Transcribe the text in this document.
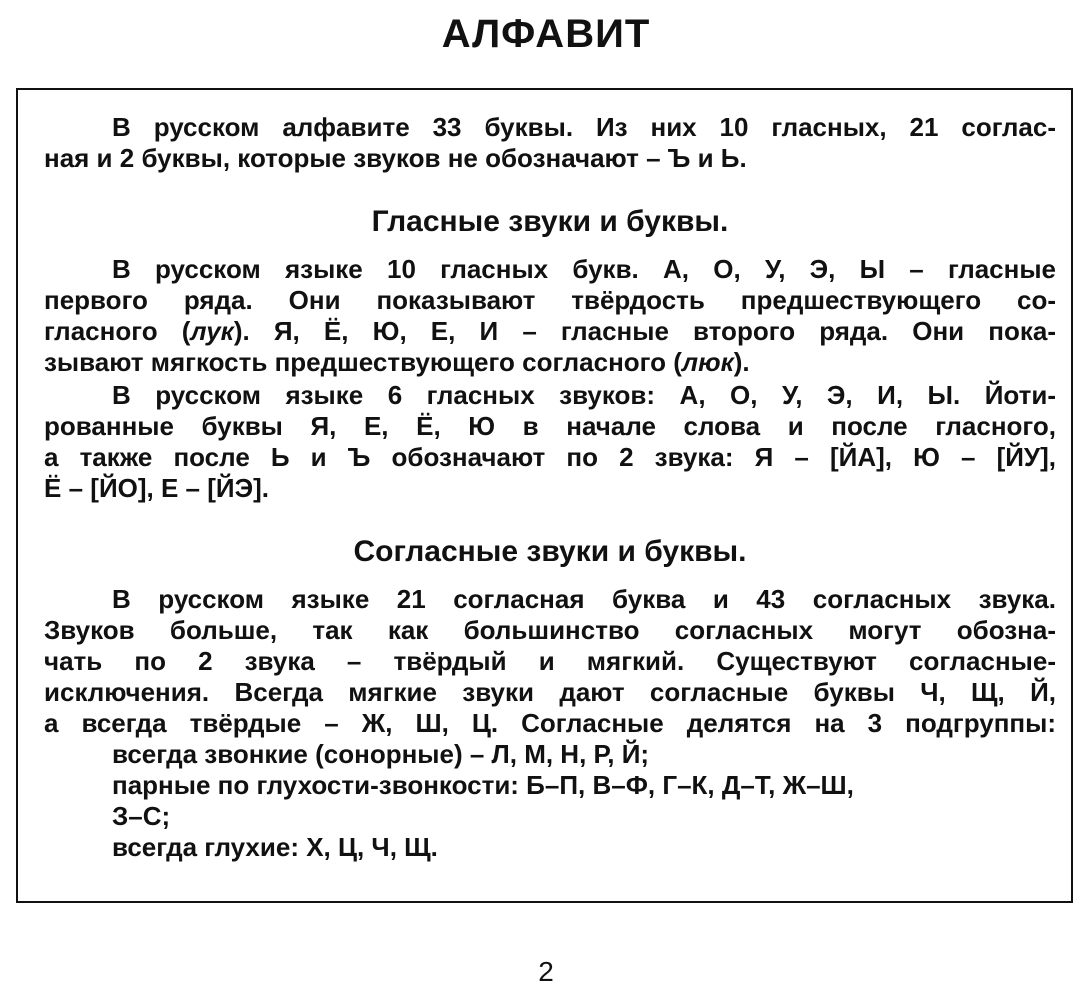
АЛФАВИТ
В русском алфавите 33 буквы. Из них 10 гласных, 21 соглас-
ная и 2 буквы, которые звуков не обозначают – Ъ и Ь.
Гласные звуки и буквы.
В русском языке 10 гласных букв. А, О, У, Э, Ы – гласные
первого ряда. Они показывают твёрдость предшествующего со-
гласного (лук). Я, Ё, Ю, Е, И – гласные второго ряда. Они пока-
зывают мягкость предшествующего согласного (люк).
В русском языке 6 гласных звуков: А, О, У, Э, И, Ы. Йоти-
рованные буквы Я, Е, Ё, Ю в начале слова и после гласного,
а также после Ь и Ъ обозначают по 2 звука: Я – [ЙА], Ю – [ЙУ],
Ё – [ЙО], Е – [ЙЭ].
Согласные звуки и буквы.
В русском языке 21 согласная буква и 43 согласных звука.
Звуков больше, так как большинство согласных могут обозна-
чать по 2 звука – твёрдый и мягкий. Существуют согласные-
исключения. Всегда мягкие звуки дают согласные буквы Ч, Щ, Й,
а всегда твёрдые – Ж, Ш, Ц. Согласные делятся на 3 подгруппы:
всегда звонкие (сонорные) – Л, М, Н, Р, Й;
парные по глухости-звонкости: Б–П, В–Ф, Г–К, Д–Т, Ж–Ш,
З–С;
всегда глухие: Х, Ц, Ч, Щ.
2
